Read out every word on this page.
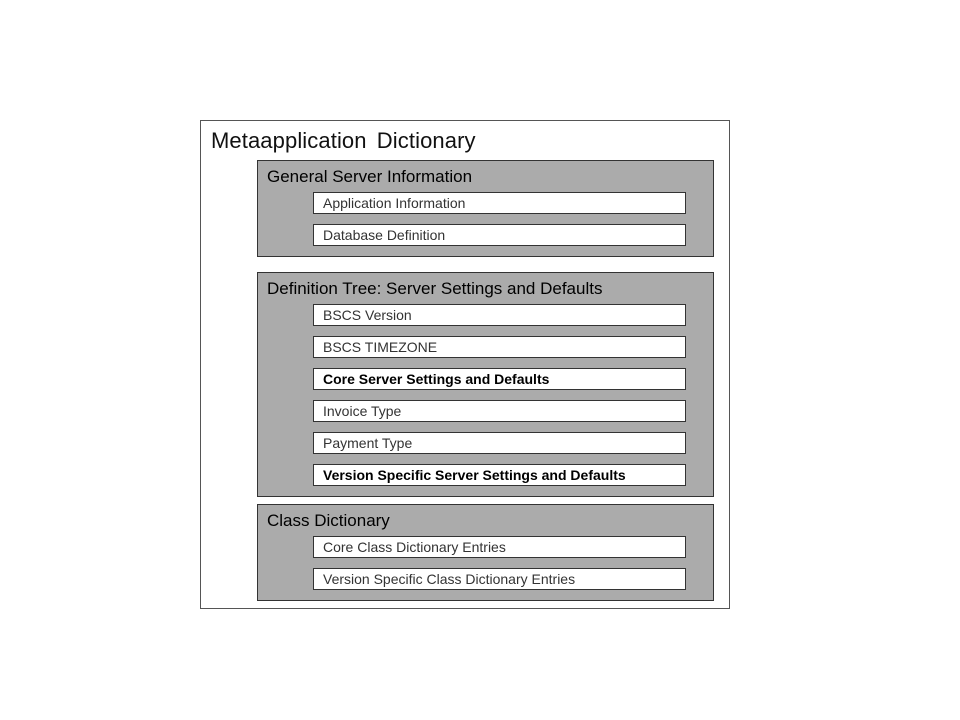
Metaapplication Dictionary
General Server Information
Application Information
Database Definition
Definition Tree: Server Settings and Defaults
BSCS Version
BSCS TIMEZONE
Core Server Settings and Defaults
Invoice Type
Payment Type
Version Specific Server Settings and Defaults
Class Dictionary
Core Class Dictionary Entries
Version Specific Class Dictionary Entries
